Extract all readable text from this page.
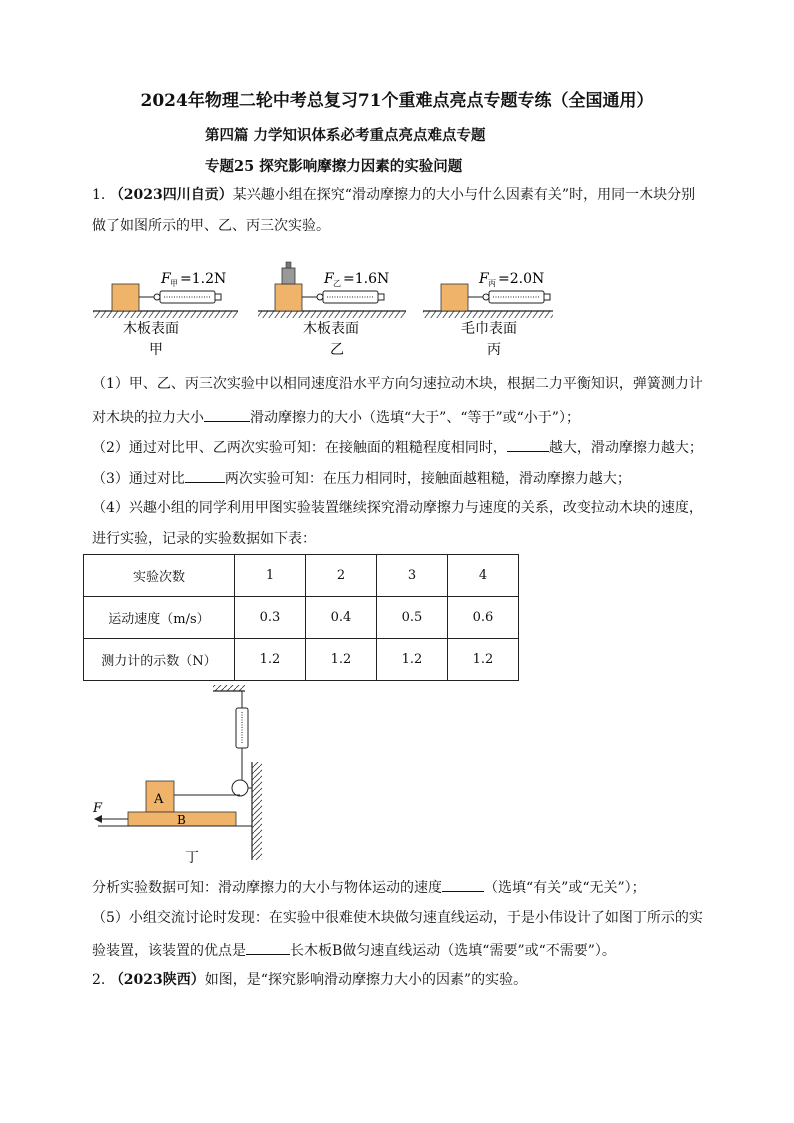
2024年物理二轮中考总复习71个重难点亮点专题专练（全国通用）
第四篇 力学知识体系必考重点亮点难点专题
专题25 探究影响摩擦力因素的实验问题
1. （2023四川自贡）某兴趣小组在探究“滑动摩擦力的大小与什么因素有关”时，用同一木块分别
做了如图所示的甲、乙、丙三次实验。
F 甲 =1.2N
木板表面
甲
F 乙 =1.6N
木板表面
乙
F 丙 =2.0N
毛巾表面
丙
（1）甲、乙、丙三次实验中以相同速度沿水平方向匀速拉动木块，根据二力平衡知识，弹簧测力计
对木块的拉力大小	滑动摩擦力的大小（选填“大于”、“等于”或“小于”）；
（2）通过对比甲、乙两次实验可知：在接触面的粗糙程度相同时，	越大，滑动摩擦力越大；
（3）通过对比	两次实验可知：在压力相同时，接触面越粗糙，滑动摩擦力越大；
（4）兴趣小组的同学利用甲图实验装置继续探究滑动摩擦力与速度的关系，改变拉动木块的速度，
进行实验，记录的实验数据如下表：
实验次数	1	2	3	4
运动速度（m/s）	0.3	0.4	0.5	0.6
测力计的示数（N）	1.2	1.2	1.2	1.2
A
B
F
丁
分析实验数据可知：滑动摩擦力的大小与物体运动的速度	（选填“有关”或“无关”）；
（5）小组交流讨论时发现：在实验中很难使木块做匀速直线运动，于是小伟设计了如图丁所示的实
验装置，该装置的优点是	长木板B做匀速直线运动（选填“需要”或“不需要”）。
2. （2023陕西）如图，是“探究影响滑动摩擦力大小的因素”的实验。
